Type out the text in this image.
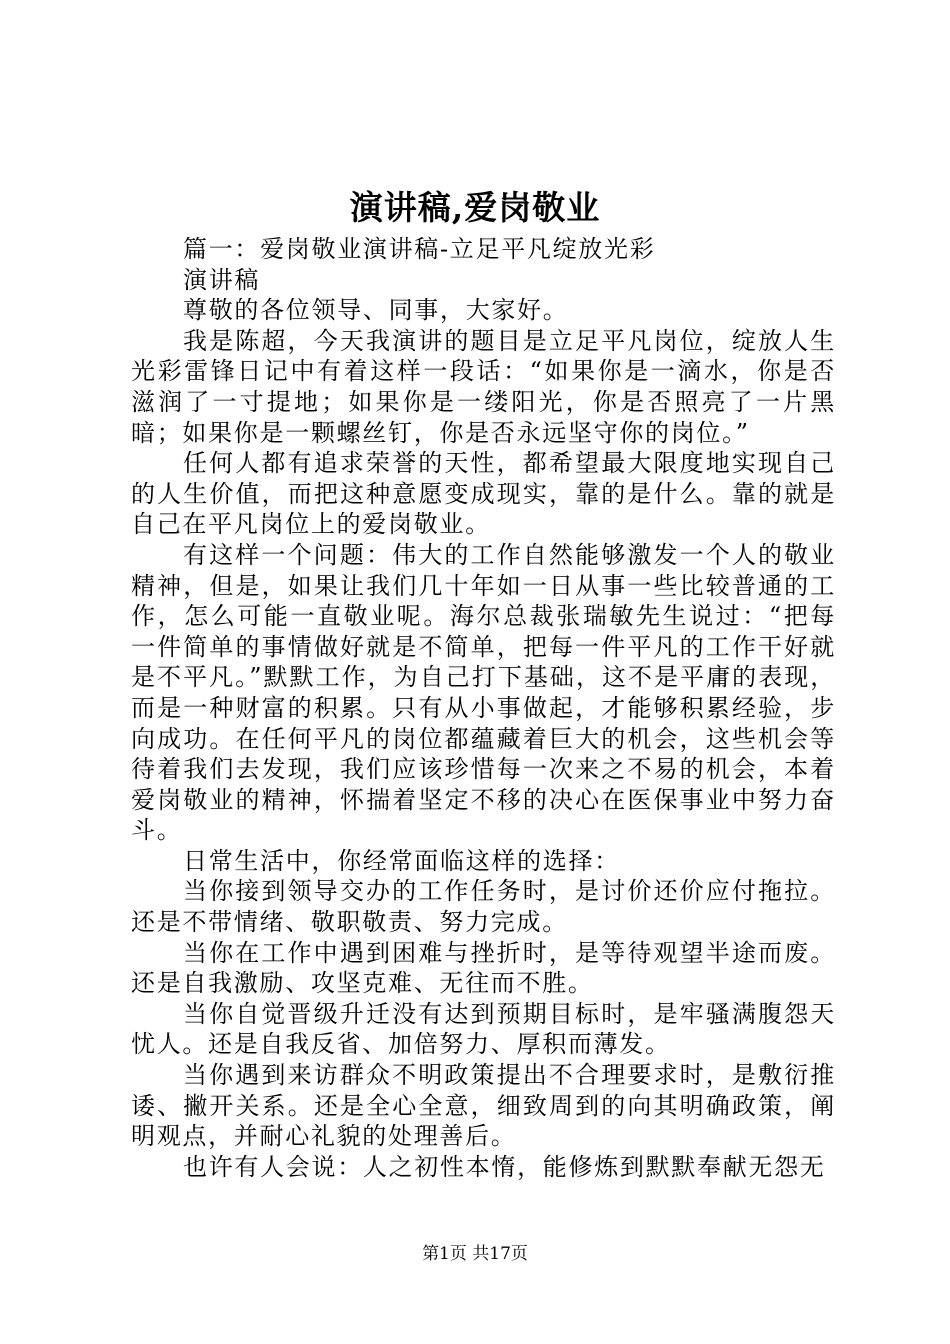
演讲稿,爱岗敬业

篇一：爱岗敬业演讲稿-立足平凡绽放光彩

演讲稿

尊敬的各位领导、同事，大家好。

我是陈超，今天我演讲的题目是立足平凡岗位，绽放人生光彩雷锋日记中有着这样一段话：“如果你是一滴水，你是否滋润了一寸提地；如果你是一缕阳光，你是否照亮了一片黑暗；如果你是一颗螺丝钉，你是否永远坚守你的岗位。”

任何人都有追求荣誉的天性，都希望最大限度地实现自己的人生价值，而把这种意愿变成现实，靠的是什么。靠的就是自己在平凡岗位上的爱岗敬业。

有这样一个问题：伟大的工作自然能够激发一个人的敬业精神，但是，如果让我们几十年如一日从事一些比较普通的工作，怎么可能一直敬业呢。海尔总裁张瑞敏先生说过：“把每一件简单的事情做好就是不简单，把每一件平凡的工作干好就是不平凡。”默默工作，为自己打下基础，这不是平庸的表现，而是一种财富的积累。只有从小事做起，才能够积累经验，步向成功。在任何平凡的岗位都蕴藏着巨大的机会，这些机会等待着我们去发现，我们应该珍惜每一次来之不易的机会，本着爱岗敬业的精神，怀揣着坚定不移的决心在医保事业中努力奋斗。

日常生活中，你经常面临这样的选择：

当你接到领导交办的工作任务时，是讨价还价应付拖拉。还是不带情绪、敬职敬责、努力完成。

当你在工作中遇到困难与挫折时，是等待观望半途而废。还是自我激励、攻坚克难、无往而不胜。

当你自觉晋级升迁没有达到预期目标时，是牢骚满腹怨天忧人。还是自我反省、加倍努力、厚积而薄发。

当你遇到来访群众不明政策提出不合理要求时，是敷衍推诿、撇开关系。还是全心全意，细致周到的向其明确政策，阐明观点，并耐心礼貌的处理善后。

也许有人会说：人之初性本惰，能修炼到默默奉献无怨无

第1页 共17页
